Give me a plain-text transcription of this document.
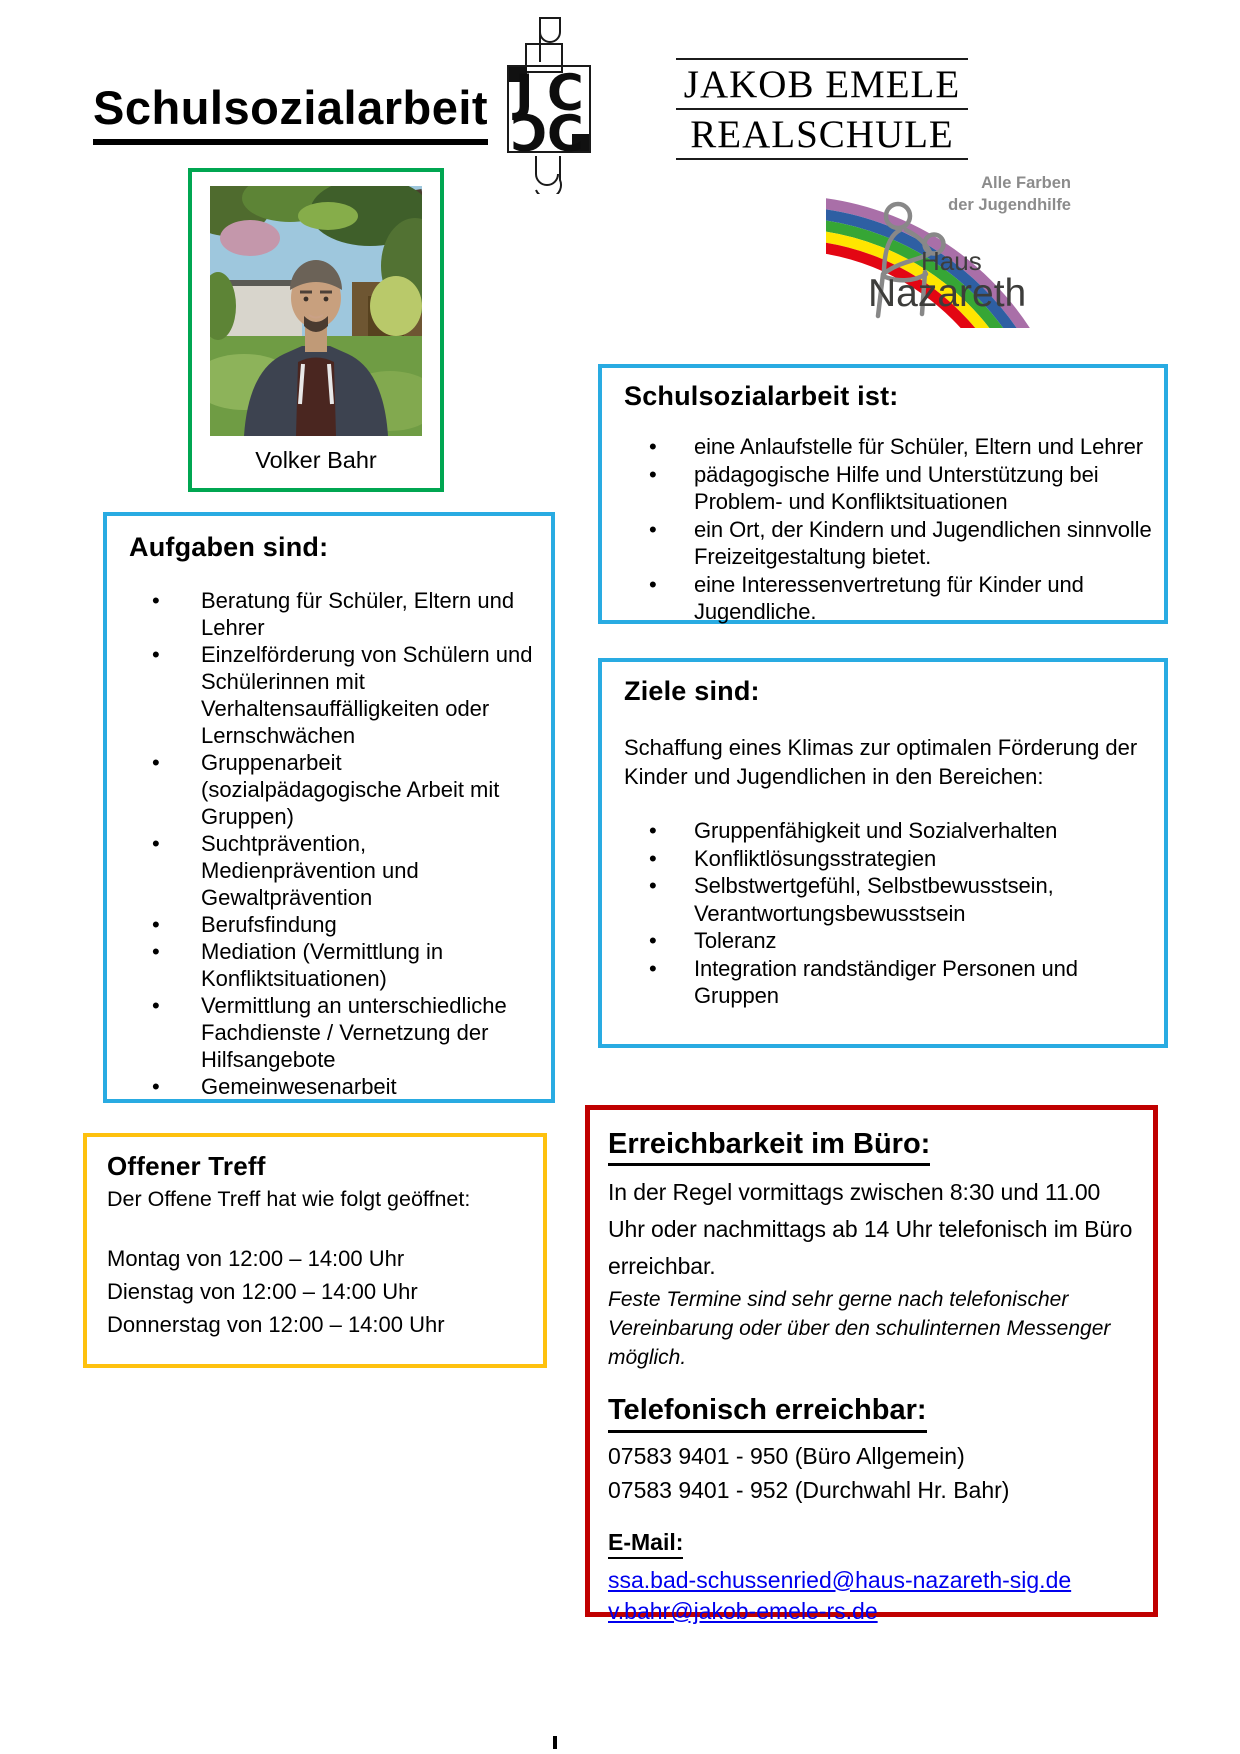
Schulsozialarbeit J C
Ɔ C
JAKOB EMELE
REALSCHULE
Alle Farben
der Jugendhilfe
Haus
Nazareth
Volker Bahr
Aufgaben sind:
• Beratung für Schüler, Eltern und Lehrer
• Einzelförderung von Schülern und Schülerinnen mit Verhaltensauffälligkeiten oder Lernschwächen
• Gruppenarbeit (sozialpädagogische Arbeit mit Gruppen)
• Suchtprävention, Medienprävention und Gewaltprävention
• Berufsfindung
• Mediation (Vermittlung in Konfliktsituationen)
• Vermittlung an unterschiedliche Fachdienste / Vernetzung der Hilfsangebote
• Gemeinwesenarbeit
Schulsozialarbeit ist:
• eine Anlaufstelle für Schüler, Eltern und Lehrer
• pädagogische Hilfe und Unterstützung bei Problem- und Konfliktsituationen
• ein Ort, der Kindern und Jugendlichen sinnvolle Freizeitgestaltung bietet.
• eine Interessenvertretung für Kinder und Jugendliche.
Ziele sind:
Schaffung eines Klimas zur optimalen Förderung der Kinder und Jugendlichen in den Bereichen:
• Gruppenfähigkeit und Sozialverhalten
• Konfliktlösungsstrategien
• Selbstwertgefühl, Selbstbewusstsein, Verantwortungsbewusstsein
• Toleranz
• Integration randständiger Personen und Gruppen
Offener Treff
Der Offene Treff hat wie folgt geöffnet:
Montag von 12:00 – 14:00 Uhr
Dienstag von 12:00 – 14:00 Uhr
Donnerstag von 12:00 – 14:00 Uhr
Erreichbarkeit im Büro:
In der Regel vormittags zwischen 8:30 und 11.00 Uhr oder nachmittags ab 14 Uhr telefonisch im Büro erreichbar.
Feste Termine sind sehr gerne nach telefonischer Vereinbarung oder über den schulinternen Messenger möglich.
Telefonisch erreichbar:
07583 9401 - 950 (Büro Allgemein)
07583 9401 - 952 (Durchwahl Hr. Bahr)
E-Mail:
ssa.bad-schussenried@haus-nazareth-sig.de
v.bahr@jakob-emele-rs.de
